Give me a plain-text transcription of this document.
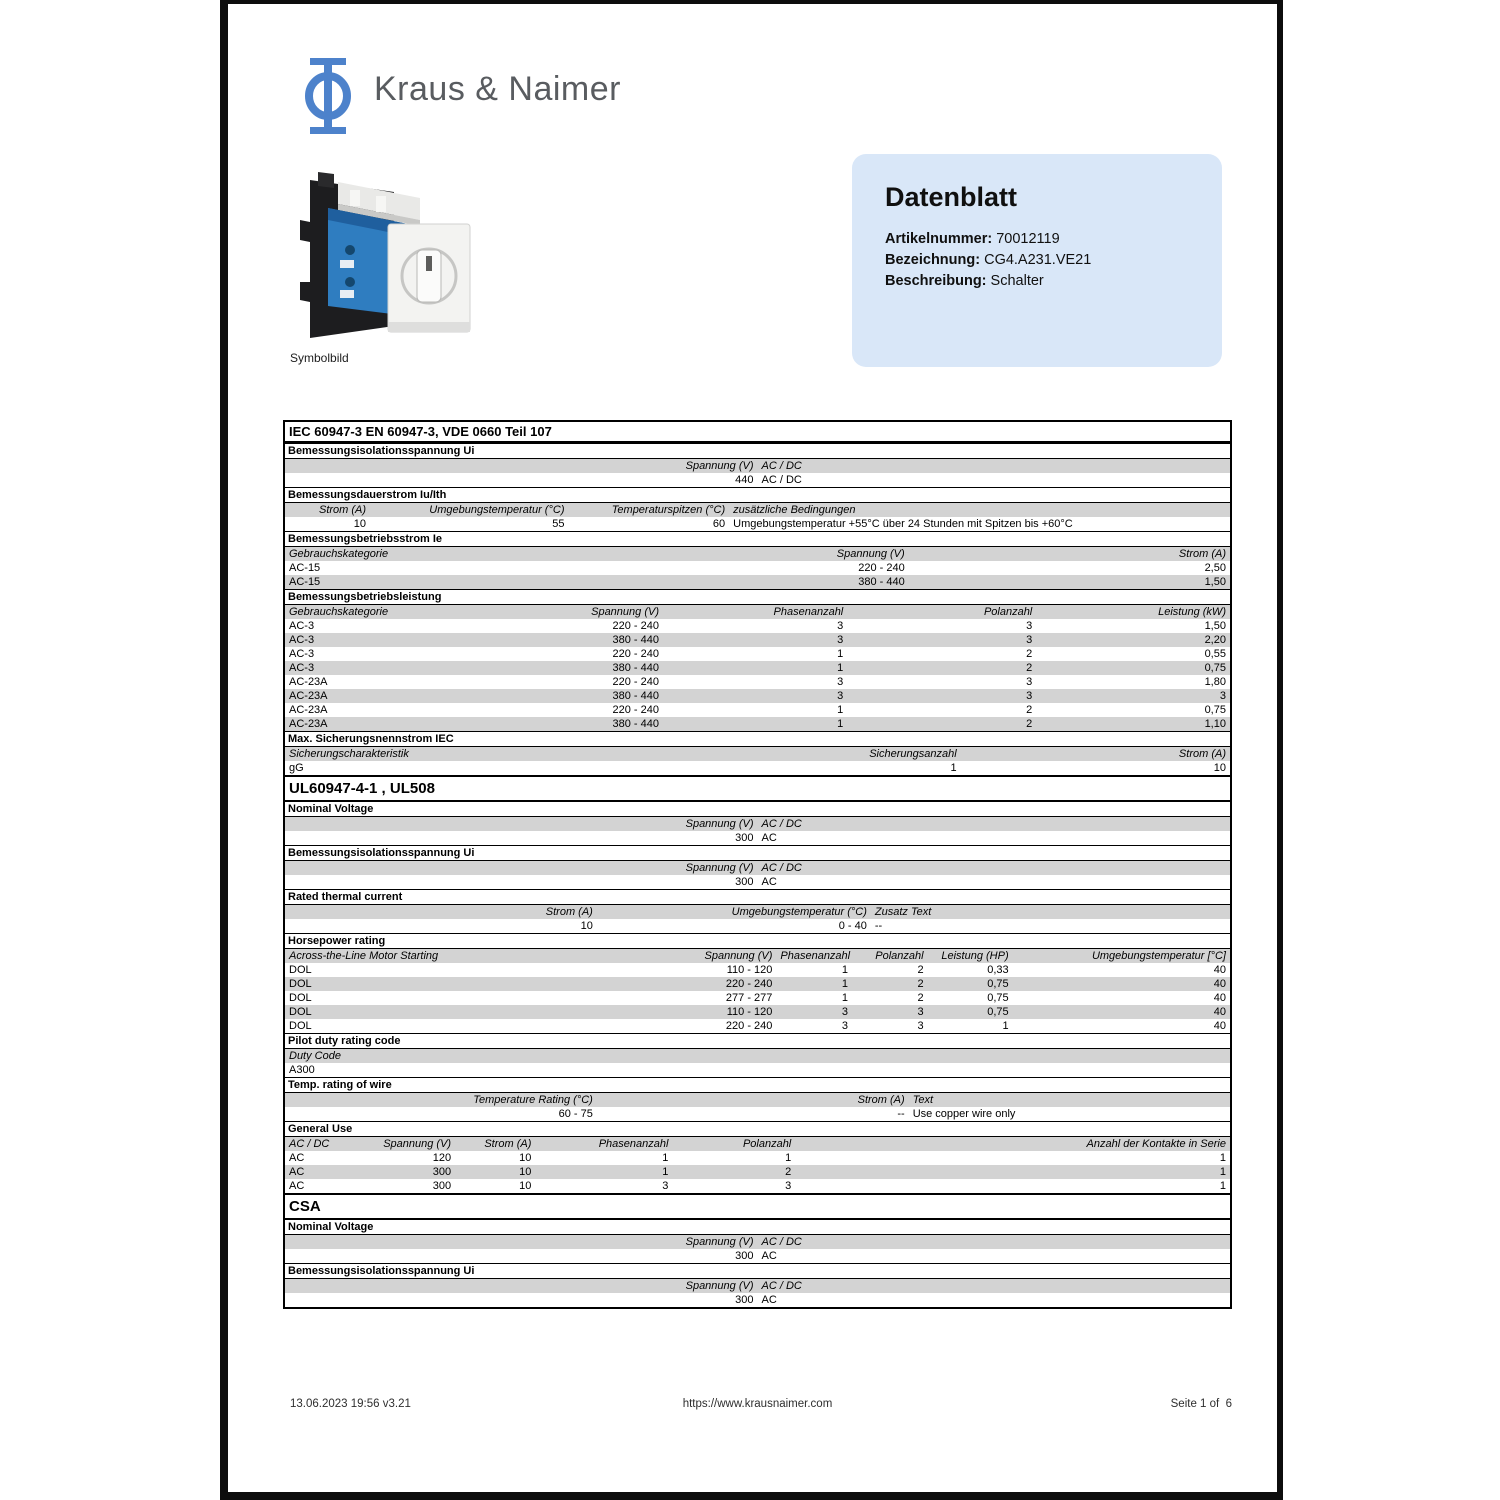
Kraus & Naimer
Symbolbild
Datenblatt
Artikelnummer: 70012119
Bezeichnung: CG4.A231.VE21
Beschreibung: Schalter
IEC 60947-3 EN 60947-3, VDE 0660 Teil 107
Bemessungsisolationsspannung Ui
Spannung (V) AC / DC
440 AC / DC
Bemessungsdauerstrom Iu/Ith
Strom (A)	Umgebungstemperatur (°C)	Temperaturspitzen (°C) zusätzliche Bedingungen
10	55	60 Umgebungstemperatur +55°C über 24 Stunden mit Spitzen bis +60°C
Bemessungsbetriebsstrom Ie
Gebrauchskategorie	Spannung (V)	Strom (A)
AC-15	220 - 240	2,50
AC-15	380 - 440	1,50
Bemessungsbetriebsleistung
Gebrauchskategorie	Spannung (V)	Phasenanzahl	Polanzahl	Leistung (kW)
AC-3	220 - 240	3	3	1,50
AC-3	380 - 440	3	3	2,20
AC-3	220 - 240	1	2	0,55
AC-3	380 - 440	1	2	0,75
AC-23A	220 - 240	3	3	1,80
AC-23A	380 - 440	3	3	3
AC-23A	220 - 240	1	2	0,75
AC-23A	380 - 440	1	2	1,10
Max. Sicherungsnennstrom IEC
Sicherungscharakteristik	Sicherungsanzahl	Strom (A)
gG	1	10
UL60947-4-1 , UL508
Nominal Voltage
Spannung (V) AC / DC
300 AC
Bemessungsisolationsspannung Ui
Spannung (V) AC / DC
300 AC
Rated thermal current
Strom (A)	Umgebungstemperatur (°C) Zusatz Text
10	0 - 40 --
Horsepower rating
Across-the-Line Motor Starting	Spannung (V) Phasenanzahl	Polanzahl	Leistung (HP)	Umgebungstemperatur [°C]
DOL	110 - 120	1	2	0,33	40
DOL	220 - 240	1	2	0,75	40
DOL	277 - 277	1	2	0,75	40
DOL	110 - 120	3	3	0,75	40
DOL	220 - 240	3	3	1	40
Pilot duty rating code
Duty Code
A300
Temp. rating of wire
Temperature Rating (°C)	Strom (A) Text
60 - 75	-- Use copper wire only
General Use
AC / DC	Spannung (V)	Strom (A)	Phasenanzahl	Polanzahl	Anzahl der Kontakte in Serie
AC	120	10	1	1	1
AC	300	10	1	2	1
AC	300	10	3	3	1
CSA
Nominal Voltage
Spannung (V) AC / DC
300 AC
Bemessungsisolationsspannung Ui
Spannung (V) AC / DC
300 AC
13.06.2023 19:56 v3.21	https://www.krausnaimer.com	Seite 1 of  6
